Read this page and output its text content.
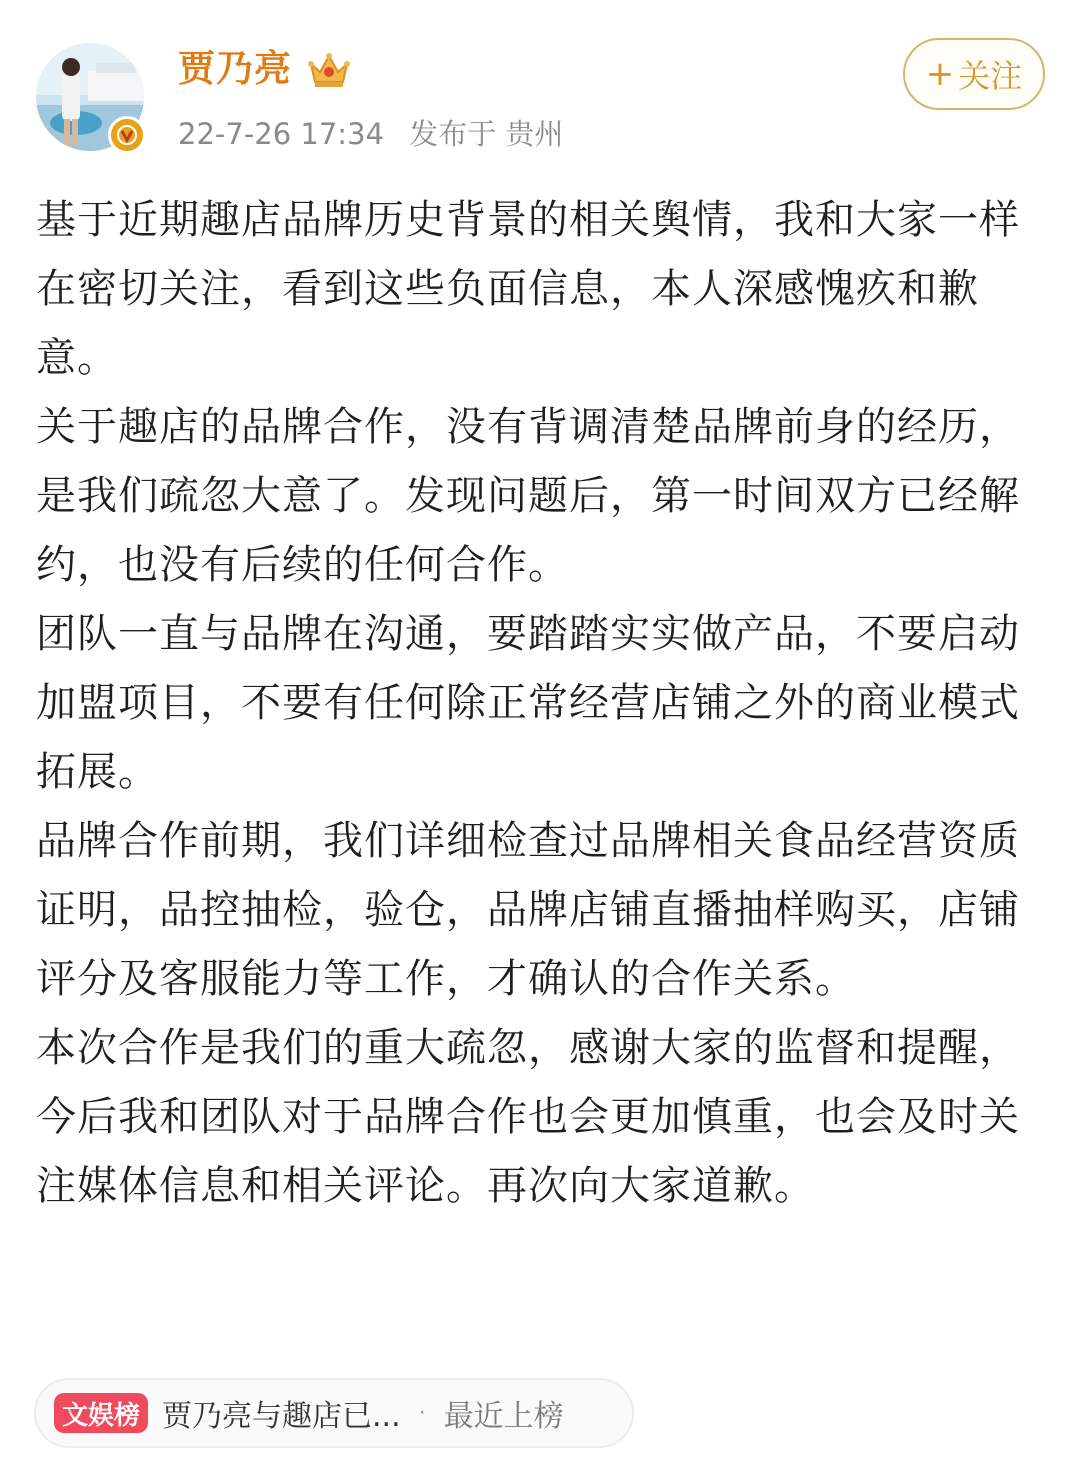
贾乃亮
22-7-26 17:34 发布于 贵州
+ 关注

基于近期趣店品牌历史背景的相关舆情，我和大家一样在密切关注，看到这些负面信息，本人深感愧疚和歉意。

关于趣店的品牌合作，没有背调清楚品牌前身的经历，是我们疏忽大意了。发现问题后，第一时间双方已经解约，也没有后续的任何合作。

团队一直与品牌在沟通，要踏踏实实做产品，不要启动加盟项目，不要有任何除正常经营店铺之外的商业模式拓展。

品牌合作前期，我们详细检查过品牌相关食品经营资质证明，品控抽检，验仓，品牌店铺直播抽样购买，店铺评分及客服能力等工作，才确认的合作关系。

本次合作是我们的重大疏忽，感谢大家的监督和提醒，今后我和团队对于品牌合作也会更加慎重，也会及时关注媒体信息和相关评论。再次向大家道歉。

文娱榜 贾乃亮与趣店已... · 最近上榜
